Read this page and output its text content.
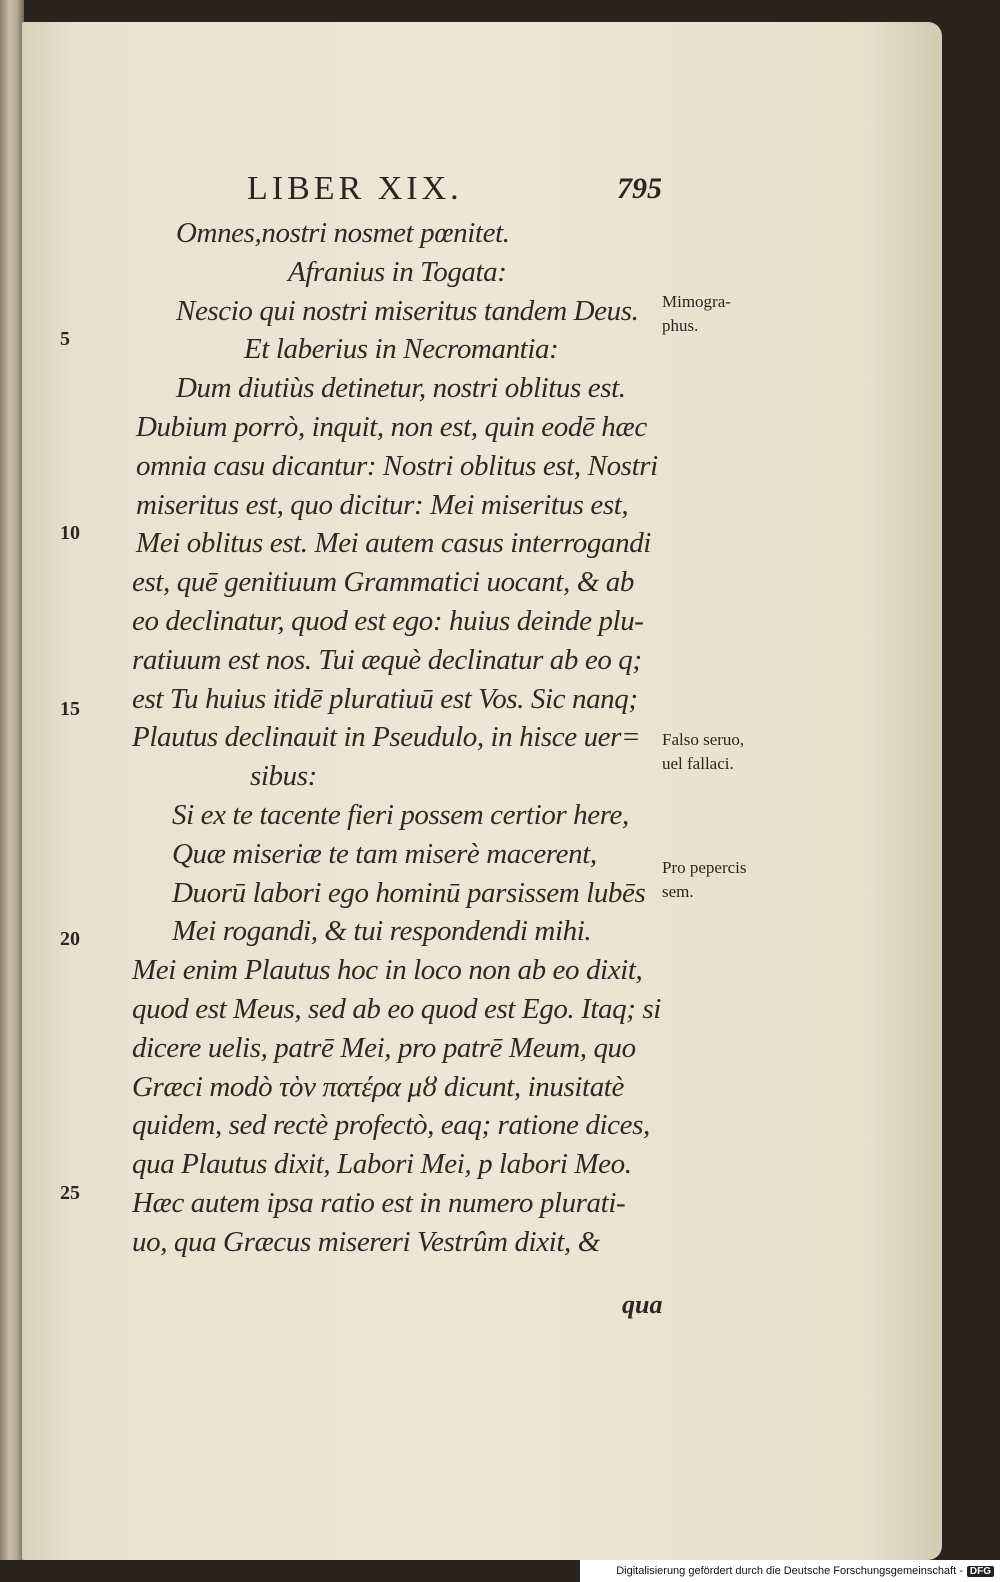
LIBER XIX.	795
Omnes,nostri nosmet pœnitet.
Afranius in Togata:
Nescio qui nostri miseritus tandem Deus.
Et laberius in Necromantia:
Dum diutiùs detinetur, nostri oblitus est.
Dubium porrò, inquit, non est, quin eodē hæc
omnia casu dicantur: Nostri oblitus est, Nostri
miseritus est, quo dicitur: Mei miseritus est,
Mei oblitus est. Mei autem casus interrogandi
est, quē genitiuum Grammatici uocant, & ab
eo declinatur, quod est ego: huius deinde plu-
ratiuum est nos. Tui æquè declinatur ab eo q;
est Tu huius itidē pluratiuū est Vos. Sic nanq;
Plautus declinauit in Pseudulo, in hisce uer=
sibus:
Si ex te tacente fieri possem certior here,
Quæ miseriæ te tam miserè macerent,
Duorū labori ego hominū parsissem lubēs
Mei rogandi, & tui respondendi mihi.
Mei enim Plautus hoc in loco non ab eo dixit,
quod est Meus, sed ab eo quod est Ego. Itaq; si
dicere uelis, patrē Mei, pro patrē Meum, quo
Græci modò τὸν πατέρα μȣ dicunt, inusitatè
quidem, sed rectè profectò, eaq; ratione dices,
qua Plautus dixit, Labori Mei, p labori Meo.
Hæc autem ipsa ratio est in numero plurati-
uo, qua Græcus misereri Vestrûm dixit, &
5
10
15
20
25
Mimogra-
phus.
Falso seruo,
uel fallaci.
Pro pepercis
sem.
qua
Digitalisierung gefördert durch die Deutsche Forschungsgemeinschaft - DFG
